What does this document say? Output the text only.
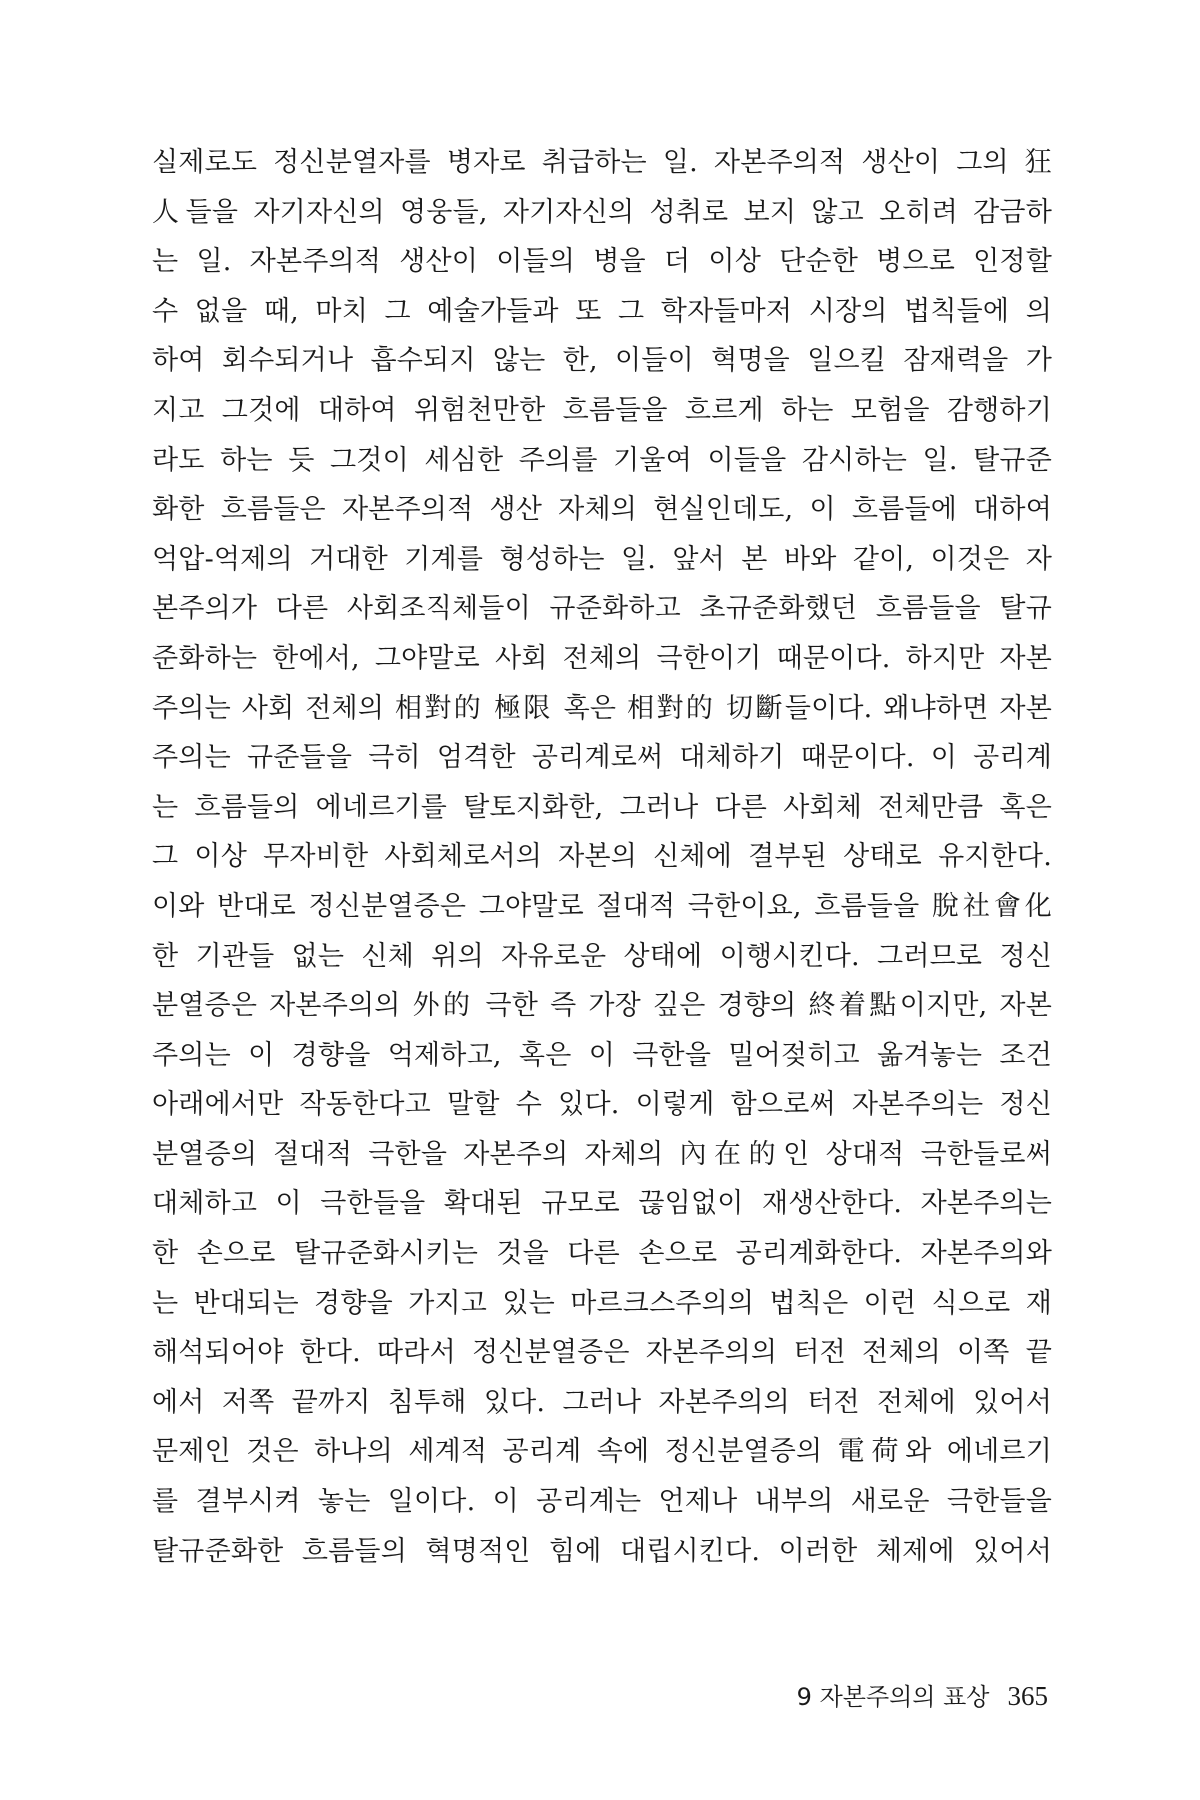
실제로도 정신분열자를 병자로 취급하는 일. 자본주의적 생산이 그의 狂
人들을 자기자신의 영웅들, 자기자신의 성취로 보지 않고 오히려 감금하
는 일. 자본주의적 생산이 이들의 병을 더 이상 단순한 병으로 인정할
수 없을 때, 마치 그 예술가들과 또 그 학자들마저 시장의 법칙들에 의
하여 회수되거나 흡수되지 않는 한, 이들이 혁명을 일으킬 잠재력을 가
지고 그것에 대하여 위험천만한 흐름들을 흐르게 하는 모험을 감행하기
라도 하는 듯 그것이 세심한 주의를 기울여 이들을 감시하는 일. 탈규준
화한 흐름들은 자본주의적 생산 자체의 현실인데도, 이 흐름들에 대하여
억압-억제의 거대한 기계를 형성하는 일. 앞서 본 바와 같이, 이것은 자
본주의가 다른 사회조직체들이 규준화하고 초규준화했던 흐름들을 탈규
준화하는 한에서, 그야말로 사회 전체의 극한이기 때문이다. 하지만 자본
주의는 사회 전체의 相對的 極限 혹은 相對的 切斷들이다. 왜냐하면 자본
주의는 규준들을 극히 엄격한 공리계로써 대체하기 때문이다. 이 공리계
는 흐름들의 에네르기를 탈토지화한, 그러나 다른 사회체 전체만큼 혹은
그 이상 무자비한 사회체로서의 자본의 신체에 결부된 상태로 유지한다.
이와 반대로 정신분열증은 그야말로 절대적 극한이요, 흐름들을 脫社會化
한 기관들 없는 신체 위의 자유로운 상태에 이행시킨다. 그러므로 정신
분열증은 자본주의의 外的 극한 즉 가장 깊은 경향의 終着點이지만, 자본
주의는 이 경향을 억제하고, 혹은 이 극한을 밀어젖히고 옮겨놓는 조건
아래에서만 작동한다고 말할 수 있다. 이렇게 함으로써 자본주의는 정신
분열증의 절대적 극한을 자본주의 자체의 內在的인 상대적 극한들로써
대체하고 이 극한들을 확대된 규모로 끊임없이 재생산한다. 자본주의는
한 손으로 탈규준화시키는 것을 다른 손으로 공리계화한다. 자본주의와
는 반대되는 경향을 가지고 있는 마르크스주의의 법칙은 이런 식으로 재
해석되어야 한다. 따라서 정신분열증은 자본주의의 터전 전체의 이쪽 끝
에서 저쪽 끝까지 침투해 있다. 그러나 자본주의의 터전 전체에 있어서
문제인 것은 하나의 세계적 공리계 속에 정신분열증의 電荷와 에네르기
를 결부시켜 놓는 일이다. 이 공리계는 언제나 내부의 새로운 극한들을
탈규준화한 흐름들의 혁명적인 힘에 대립시킨다. 이러한 체제에 있어서
9 자본주의의 표상 365
